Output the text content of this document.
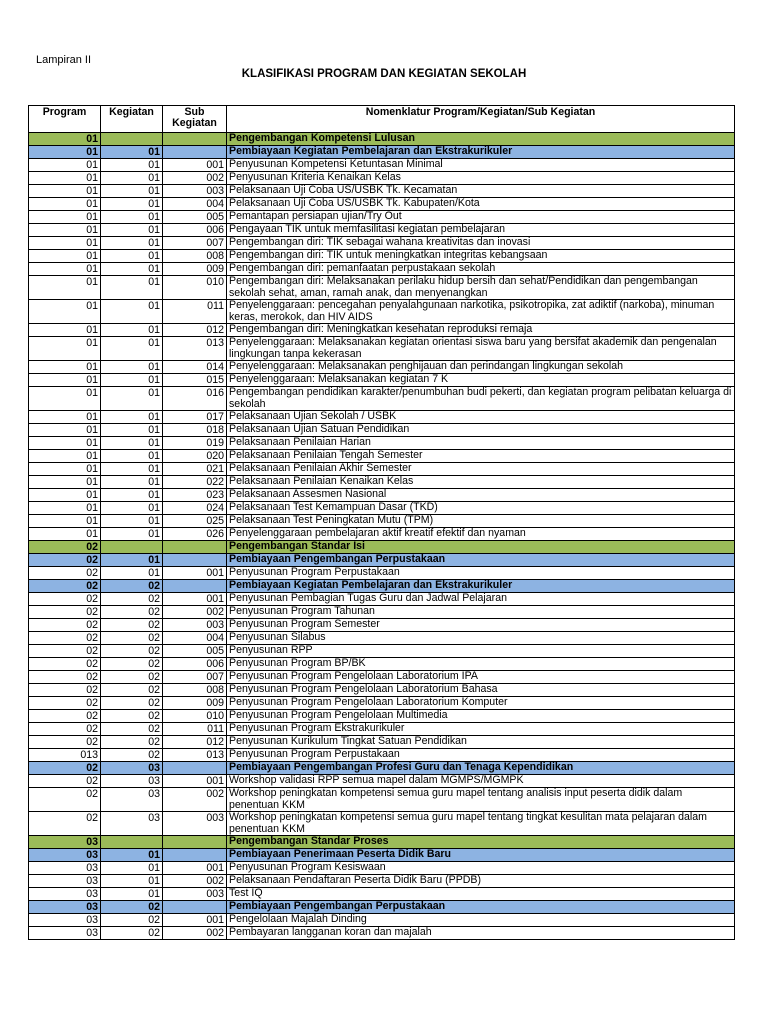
Lampiran II
KLASIFIKASI PROGRAM DAN KEGIATAN SEKOLAH
Program	Kegiatan	Sub Kegiatan	Nomenklatur Program/Kegiatan/Sub Kegiatan
01			Pengembangan Kompetensi Lulusan
01	01		Pembiayaan Kegiatan Pembelajaran dan Ekstrakurikuler
01	01	001	Penyusunan Kompetensi Ketuntasan Minimal
01	01	002	Penyusunan Kriteria Kenaikan Kelas
01	01	003	Pelaksanaan Uji Coba US/USBK Tk. Kecamatan
01	01	004	Pelaksanaan Uji Coba US/USBK Tk. Kabupaten/Kota
01	01	005	Pemantapan persiapan ujian/Try Out
01	01	006	Pengayaan TIK untuk memfasilitasi kegiatan pembelajaran
01	01	007	Pengembangan diri: TIK sebagai wahana kreativitas dan inovasi
01	01	008	Pengembangan diri: TIK untuk meningkatkan integritas kebangsaan
01	01	009	Pengembangan diri: pemanfaatan perpustakaan sekolah
01	01	010	Pengembangan diri: Melaksanakan perilaku hidup bersih dan sehat/Pendidikan dan pengembangan sekolah sehat, aman, ramah anak, dan menyenangkan
01	01	011	Penyelenggaraan: pencegahan penyalahgunaan narkotika, psikotropika, zat adiktif (narkoba), minuman keras, merokok, dan HIV AIDS
01	01	012	Pengembangan diri: Meningkatkan kesehatan reproduksi remaja
01	01	013	Penyelenggaraan: Melaksanakan kegiatan orientasi siswa baru yang bersifat akademik dan pengenalan lingkungan tanpa kekerasan
01	01	014	Penyelenggaraan: Melaksanakan penghijauan dan perindangan lingkungan sekolah
01	01	015	Penyelenggaraan: Melaksanakan kegiatan 7 K
01	01	016	Pengembangan pendidikan karakter/penumbuhan budi pekerti, dan kegiatan program pelibatan keluarga di sekolah
01	01	017	Pelaksanaan Ujian Sekolah / USBK
01	01	018	Pelaksanaan Ujian Satuan Pendidikan
01	01	019	Pelaksanaan Penilaian Harian
01	01	020	Pelaksanaan Penilaian Tengah Semester
01	01	021	Pelaksanaan Penilaian Akhir Semester
01	01	022	Pelaksanaan Penilaian Kenaikan Kelas
01	01	023	Pelaksanaan Assesmen Nasional
01	01	024	Pelaksanaan Test Kemampuan Dasar (TKD)
01	01	025	Pelaksanaan Test Peningkatan Mutu (TPM)
01	01	026	Penyelenggaraan pembelajaran aktif kreatif efektif dan nyaman
02			Pengembangan Standar Isi
02	01		Pembiayaan Pengembangan Perpustakaan
02	01	001	Penyusunan Program Perpustakaan
02	02		Pembiayaan Kegiatan Pembelajaran dan Ekstrakurikuler
02	02	001	Penyusunan Pembagian Tugas Guru dan Jadwal Pelajaran
02	02	002	Penyusunan Program Tahunan
02	02	003	Penyusunan Program Semester
02	02	004	Penyusunan Silabus
02	02	005	Penyusunan RPP
02	02	006	Penyusunan Program BP/BK
02	02	007	Penyusunan Program Pengelolaan Laboratorium IPA
02	02	008	Penyusunan Program Pengelolaan Laboratorium Bahasa
02	02	009	Penyusunan Program Pengelolaan Laboratorium Komputer
02	02	010	Penyusunan Program Pengelolaan Multimedia
02	02	011	Penyusunan Program Ekstrakurikuler
02	02	012	Penyusunan Kurikulum Tingkat Satuan Pendidikan
013	02	013	Penyusunan Program Perpustakaan
02	03		Pembiayaan Pengembangan Profesi Guru dan Tenaga Kependidikan
02	03	001	Workshop validasi RPP semua mapel dalam MGMPS/MGMPK
02	03	002	Workshop peningkatan kompetensi semua guru mapel tentang analisis input peserta didik dalam penentuan KKM
02	03	003	Workshop peningkatan kompetensi semua guru mapel tentang tingkat kesulitan mata pelajaran dalam penentuan KKM
03			Pengembangan Standar Proses
03	01		Pembiayaan Penerimaan Peserta Didik Baru
03	01	001	Penyusunan Program Kesiswaan
03	01	002	Pelaksanaan Pendaftaran Peserta Didik Baru (PPDB)
03	01	003	Test IQ
03	02		Pembiayaan Pengembangan Perpustakaan
03	02	001	Pengelolaan Majalah Dinding
03	02	002	Pembayaran langganan koran dan majalah
